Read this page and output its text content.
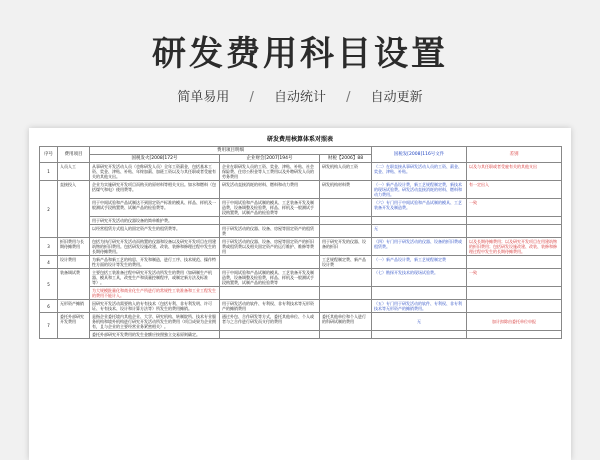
研发费用科目设置
简单易用 / 自动统计 / 自动更新
研发费用核算体系对照表
序号	费用项目	费用项目明细			国税发[2008]116号文件	差别
		国税发火[2008]172号	企业财会[2007]194号	财税【2006】88		
1	人员人工	从事研究开发活动人员（也称研发人员）全年工资薪金，包括基本工资、奖金、津贴、补贴、年终加薪、加班工资以及与其任职或者受雇有关的其他支出。	企业在职研发人员的工资、奖金、津贴、补贴、社会保险费、住房公积金等人工费用以及外聘研发人员的劳务费用	研发机构人员的工资	（二）在职直接从事研发活动人员的工资、薪金、奖金、津贴、补贴。	以及与其任职或者受雇有关的其他支出
2	直接投入	企业为实施研究开发项目而购买的原材料等相关支出。如水和燃料（包括煤气和电）使用费等。	研发活动直接消耗的材料、燃料和动力费用	研发机构材料费	（一）新产品设计费，新工艺规程制定费，新技术的现场试验费。研发活动直接消耗的材料、燃料和动力费用。	有一定出入
		用于中间试验和产品试制达不到固定资产标准的模具、样品、样机及一般测试手段购置费、试制产品的检验费等。	用于中间试验和产品试制的模具、工艺装备开发及制造费，设备调整及检验费，样品、样机及一般测试手段购置费，试制产品的检验费等		（六）专门用于中间试验和产品试制的模具、工艺装备开发及制造费。	一致
		用于研究开发活动的仪器设备的简单维护费。				
		以经营租赁方式租入的固定资产发生的租赁费等。	用于研发活动的仪器、设备、房屋等固定资产的租赁费		无	
3	折旧费用与长期待摊费用	包括为执行研究开发活动而购置的仪器和设备以及研究开发项目在用建筑物的折旧费用。包括研发设施改建、改装、装修和修理过程中发生的长期待摊费用。	用于研发活动的仪器、设备、房屋等固定资产的折旧费或租赁费以及相关固定资产的运行维护、维修等费用	用于研究开发的仪器、设备的折旧	（四）专门用于研发活动的仪器、设备的折旧费或租赁费。	以及长期待摊费用；以及研究开发项目在用建筑物的折旧费用；包括研发设施改建、改装、装修和修理过程中发生的长期待摊费用。
4	设计费用	为新产品和新工艺的构思、开发和制造，进行工序、技术规范、操作特性方面的设计等发生的费用。		工艺规程制定费、新产品设计费	（一）新产品设计费，新工艺规程制定费	
5	装备调试费	主要包括工装准备过程中研究开发活动所发生的费用（如研制生产机器、模具和工具，改变生产和质量控制程序，或制定新方法及标准等）。	用于中间试验和产品试制的模具、工艺装备开发及制造费，设备调整及检验费，样品、样机及一般测试手段购置费，试制产品的检验费等		（七）勘探开发技术的现场试验费。	一致
		为大规模批量化和商业化生产所进行的常规性工装准备和工业工程发生的费用不能计入。				
6	无形资产摊销	因研究开发活动需要购入的专有技术（包括专利、非专利发明、许可证、专有技术、设计和计算方法等）所发生的费用摊销。	用于研发活动的软件、专利权、非专利技术等无形资产的摊销费用		（五）专门用于研发活动的软件、专利权、非专利技术等无形资产的摊销费用。	
7	委托外部研究开发费用	是指企业委托境内其他企业、大学、研究机构、转制院所、技术专业服务机构和境外机构进行研究开发活动所发生的费用（项目成果为企业拥有，且与企业的主要经营业务紧密相关）。	通过外包、合作研发等方式，委托其他单位、个人或者与之合作进行研发而支付的费用	委托其他单位和个人进行的科研试制的费用	无	加计扣除由委托单位申报
		委托外部研究开发费用的发生金额应按照独立交易原则确定。				
